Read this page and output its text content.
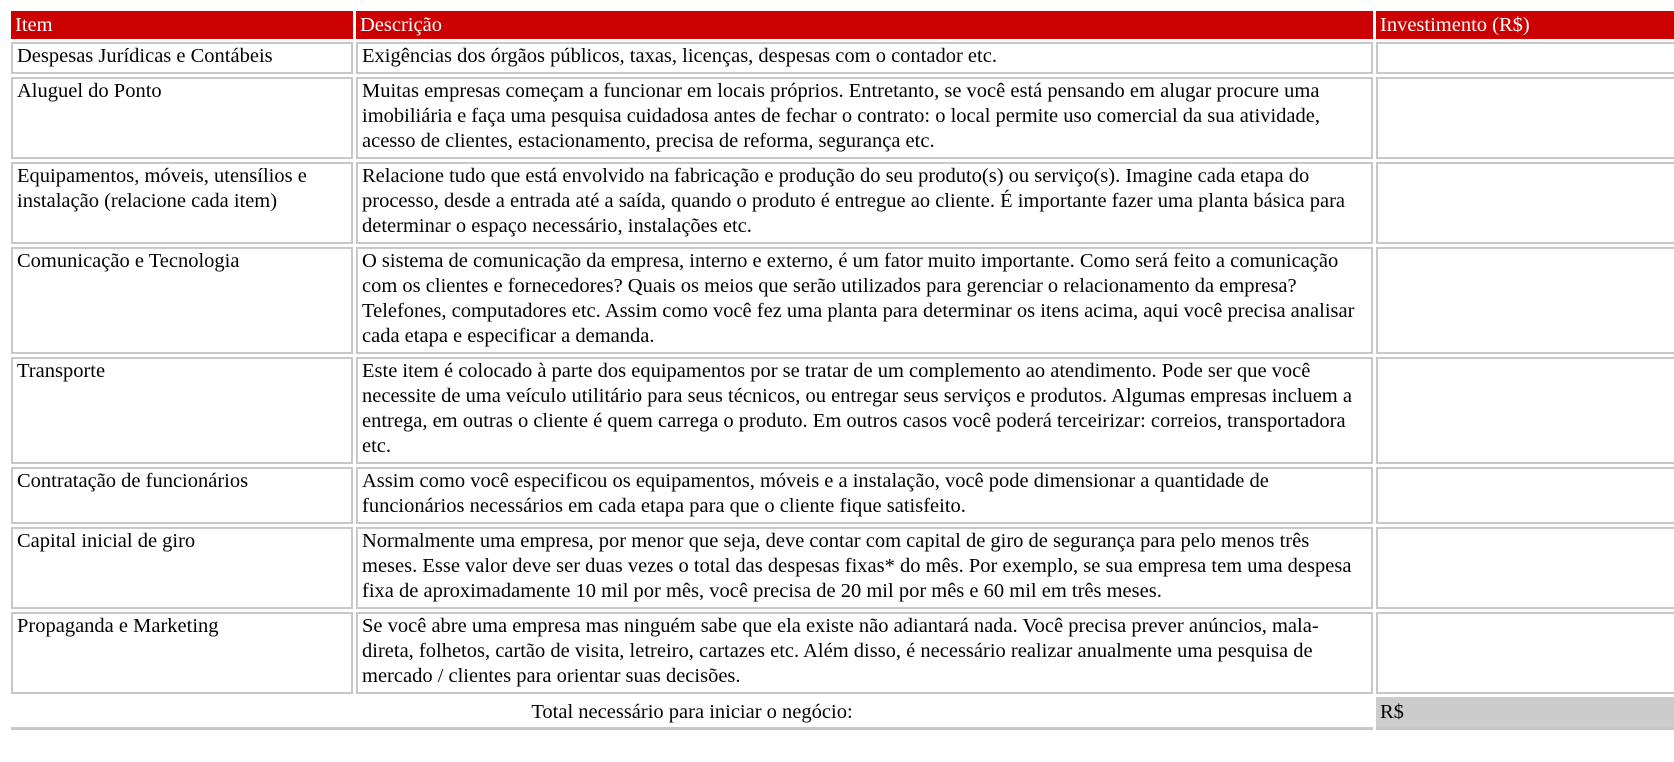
Item	Descrição	Investimento (R$)
Despesas Jurídicas e Contábeis	Exigências dos órgãos públicos, taxas, licenças, despesas com o contador etc.	
Aluguel do Ponto	Muitas empresas começam a funcionar em locais próprios. Entretanto, se você está pensando em alugar procure uma imobiliária e faça uma pesquisa cuidadosa antes de fechar o contrato: o local permite uso comercial da sua atividade, acesso de clientes, estacionamento, precisa de reforma, segurança etc.	
Equipamentos, móveis, utensílios e instalação (relacione cada item)	Relacione tudo que está envolvido na fabricação e produção do seu produto(s) ou serviço(s). Imagine cada etapa do processo, desde a entrada até a saída, quando o produto é entregue ao cliente. É importante fazer uma planta básica para determinar o espaço necessário, instalações etc.	
Comunicação e Tecnologia	O sistema de comunicação da empresa, interno e externo, é um fator muito importante. Como será feito a comunicação com os clientes e fornecedores? Quais os meios que serão utilizados para gerenciar o relacionamento da empresa? Telefones, computadores etc. Assim como você fez uma planta para determinar os itens acima, aqui você precisa analisar cada etapa e especificar a demanda.	
Transporte	Este item é colocado à parte dos equipamentos por se tratar de um complemento ao atendimento. Pode ser que você necessite de uma veículo utilitário para seus técnicos, ou entregar seus serviços e produtos. Algumas empresas incluem a entrega, em outras o cliente é quem carrega o produto. Em outros casos você poderá terceirizar: correios, transportadora etc.	
Contratação de funcionários	Assim como você especificou os equipamentos, móveis e a instalação, você pode dimensionar a quantidade de funcionários necessários em cada etapa para que o cliente fique satisfeito.	
Capital inicial de giro	Normalmente uma empresa, por menor que seja, deve contar com capital de giro de segurança para pelo menos três meses. Esse valor deve ser duas vezes o total das despesas fixas* do mês. Por exemplo, se sua empresa tem uma despesa fixa de aproximadamente 10 mil por mês, você precisa de 20 mil por mês e 60 mil em três meses.	
Propaganda e Marketing	Se você abre uma empresa mas ninguém sabe que ela existe não adiantará nada. Você precisa prever anúncios, mala-direta, folhetos, cartão de visita, letreiro, cartazes etc. Além disso, é necessário realizar anualmente uma pesquisa de mercado / clientes para orientar suas decisões.	
Total necessário para iniciar o negócio:		R$
